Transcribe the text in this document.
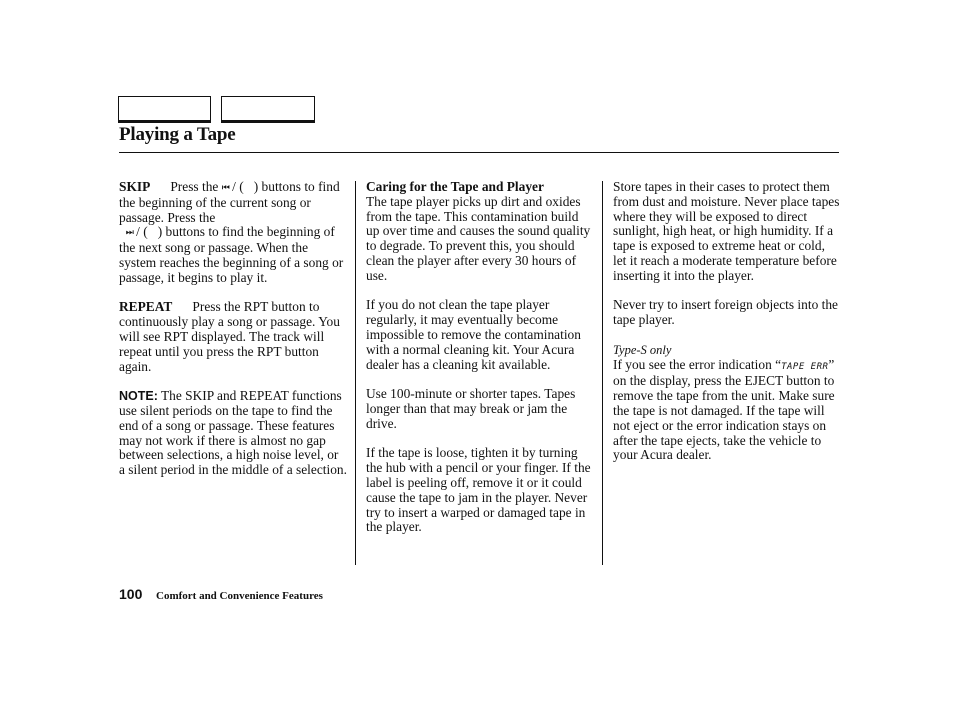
Playing a Tape

SKIP Press the ⏮ / ( ) buttons to find the beginning of the current song or passage. Press the
⏭ / ( ) buttons to find the beginning of the next song or passage. When the system reaches the beginning of a song or passage, it begins to play it.

REPEAT Press the RPT button to continuously play a song or passage. You will see RPT displayed. The track will repeat until you press the RPT button again.

NOTE: The SKIP and REPEAT functions use silent periods on the tape to find the end of a song or passage. These features may not work if there is almost no gap between selections, a high noise level, or a silent period in the middle of a selection.

Caring for the Tape and Player
The tape player picks up dirt and oxides from the tape. This contamination build up over time and causes the sound quality to degrade. To prevent this, you should clean the player after every 30 hours of use.

If you do not clean the tape player regularly, it may eventually become impossible to remove the contamination with a normal cleaning kit. Your Acura dealer has a cleaning kit available.

Use 100-minute or shorter tapes. Tapes longer than that may break or jam the drive.

If the tape is loose, tighten it by turning the hub with a pencil or your finger. If the label is peeling off, remove it or it could cause the tape to jam in the player. Never try to insert a warped or damaged tape in the player.

Store tapes in their cases to protect them from dust and moisture. Never place tapes where they will be exposed to direct sunlight, high heat, or high humidity. If a tape is exposed to extreme heat or cold, let it reach a moderate temperature before inserting it into the player.

Never try to insert foreign objects into the tape player.

Type-S only

If you see the error indication “TAPE ERR” on the display, press the EJECT button to remove the tape from the unit. Make sure the tape is not damaged. If the tape will not eject or the error indication stays on after the tape ejects, take the vehicle to your Acura dealer.

100 Comfort and Convenience Features
